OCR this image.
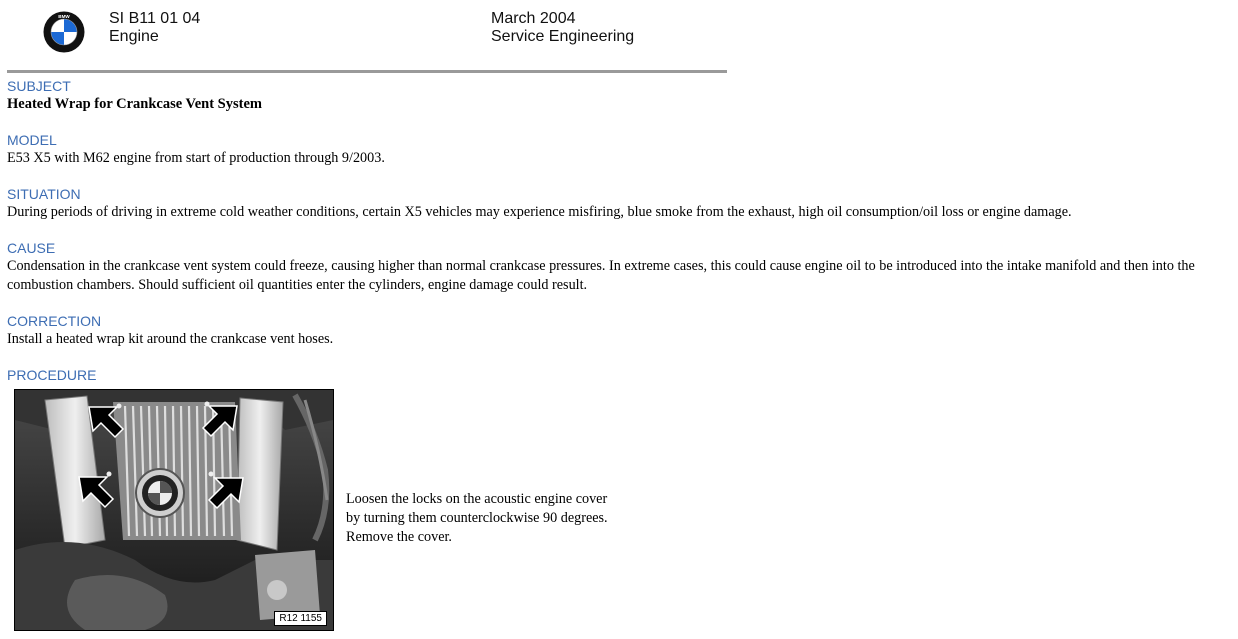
BMW SI B11 01 04
Engine
March 2004
Service Engineering
SUBJECT
Heated Wrap for Crankcase Vent System
MODEL
E53 X5 with M62 engine from start of production through 9/2003.
SITUATION
During periods of driving in extreme cold weather conditions, certain X5 vehicles may experience misfiring, blue smoke from the exhaust, high oil consumption/oil loss or engine damage.
CAUSE
Condensation in the crankcase vent system could freeze, causing higher than normal crankcase pressures. In extreme cases, this could cause engine oil to be introduced into the intake manifold and then into the combustion chambers. Should sufficient oil quantities enter the cylinders, engine damage could result.
CORRECTION
Install a heated wrap kit around the crankcase vent hoses.
PROCEDURE
R12 1155
Loosen the locks on the acoustic engine cover by turning them counterclockwise 90 degrees. Remove the cover.
